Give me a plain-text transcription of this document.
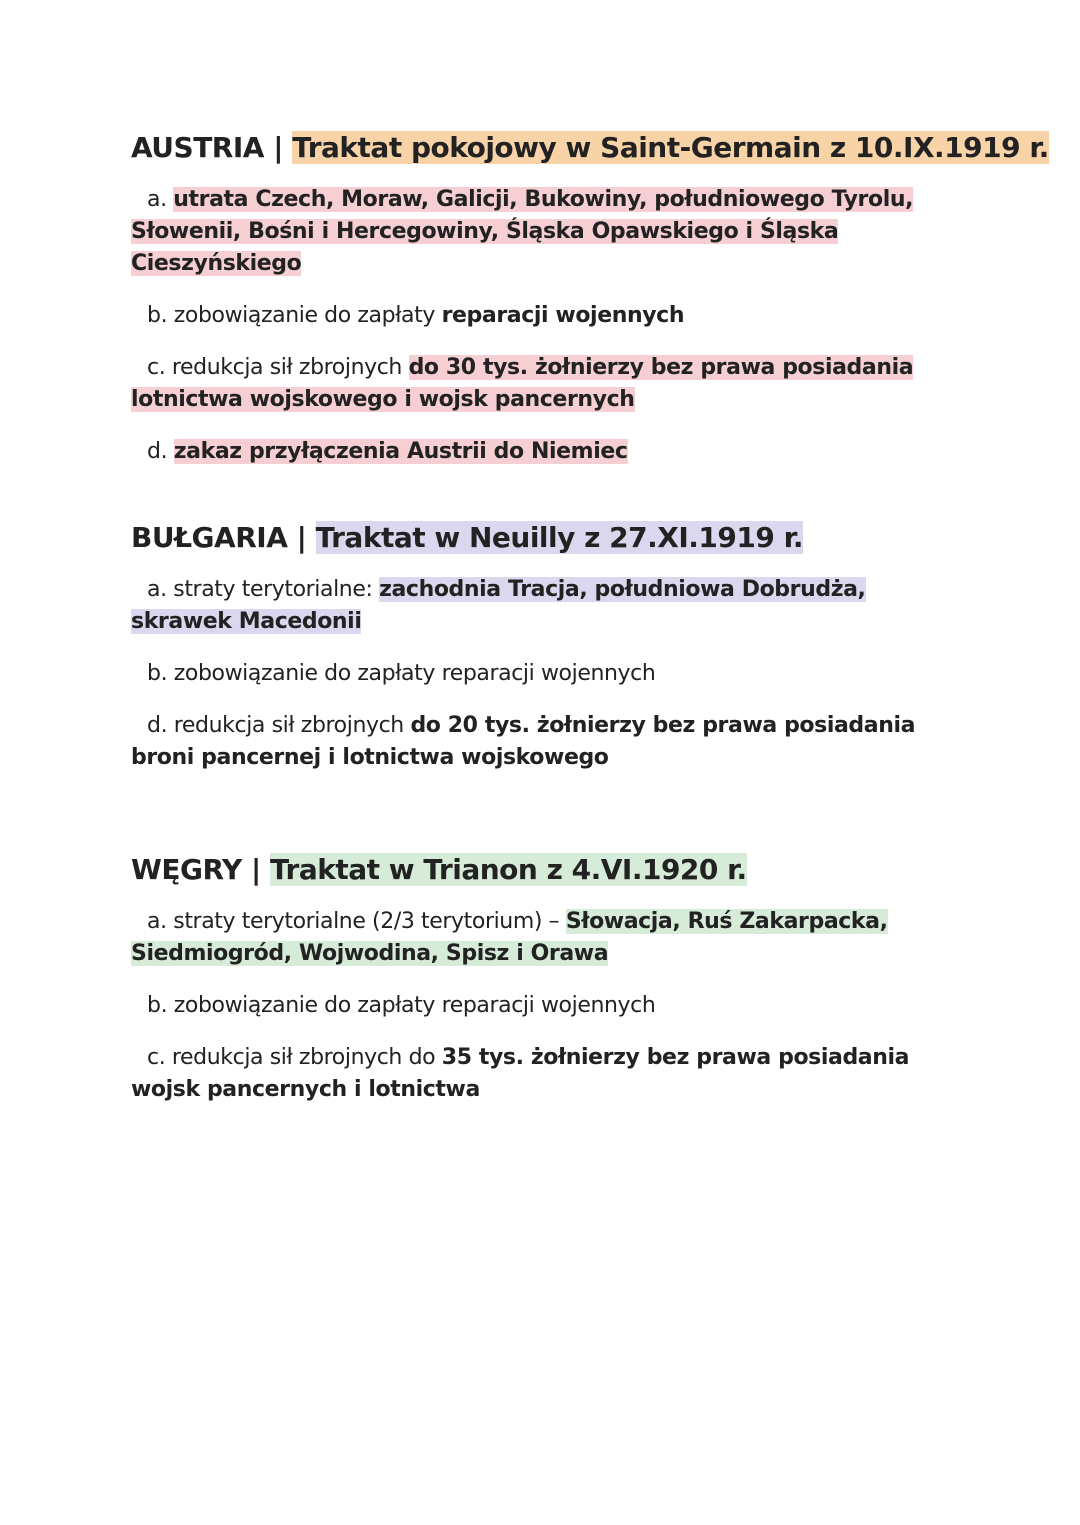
AUSTRIA | Traktat pokojowy w Saint-Germain z 10.IX.1919 r.

a. utrata Czech, Moraw, Galicji, Bukowiny, południowego Tyrolu, Słowenii, Bośni i Hercegowiny, Śląska Opawskiego i Śląska Cieszyńskiego

b. zobowiązanie do zapłaty reparacji wojennych

c. redukcja sił zbrojnych do 30 tys. żołnierzy bez prawa posiadania lotnictwa wojskowego i wojsk pancernych

d. zakaz przyłączenia Austrii do Niemiec

BUŁGARIA | Traktat w Neuilly z 27.XI.1919 r.

a. straty terytorialne: zachodnia Tracja, południowa Dobrudża, skrawek Macedonii

b. zobowiązanie do zapłaty reparacji wojennych

d. redukcja sił zbrojnych do 20 tys. żołnierzy bez prawa posiadania broni pancernej i lotnictwa wojskowego

WĘGRY | Traktat w Trianon z 4.VI.1920 r.

a. straty terytorialne (2/3 terytorium) – Słowacja, Ruś Zakarpacka, Siedmiogród, Wojwodina, Spisz i Orawa

b. zobowiązanie do zapłaty reparacji wojennych

c. redukcja sił zbrojnych do 35 tys. żołnierzy bez prawa posiadania wojsk pancernych i lotnictwa
